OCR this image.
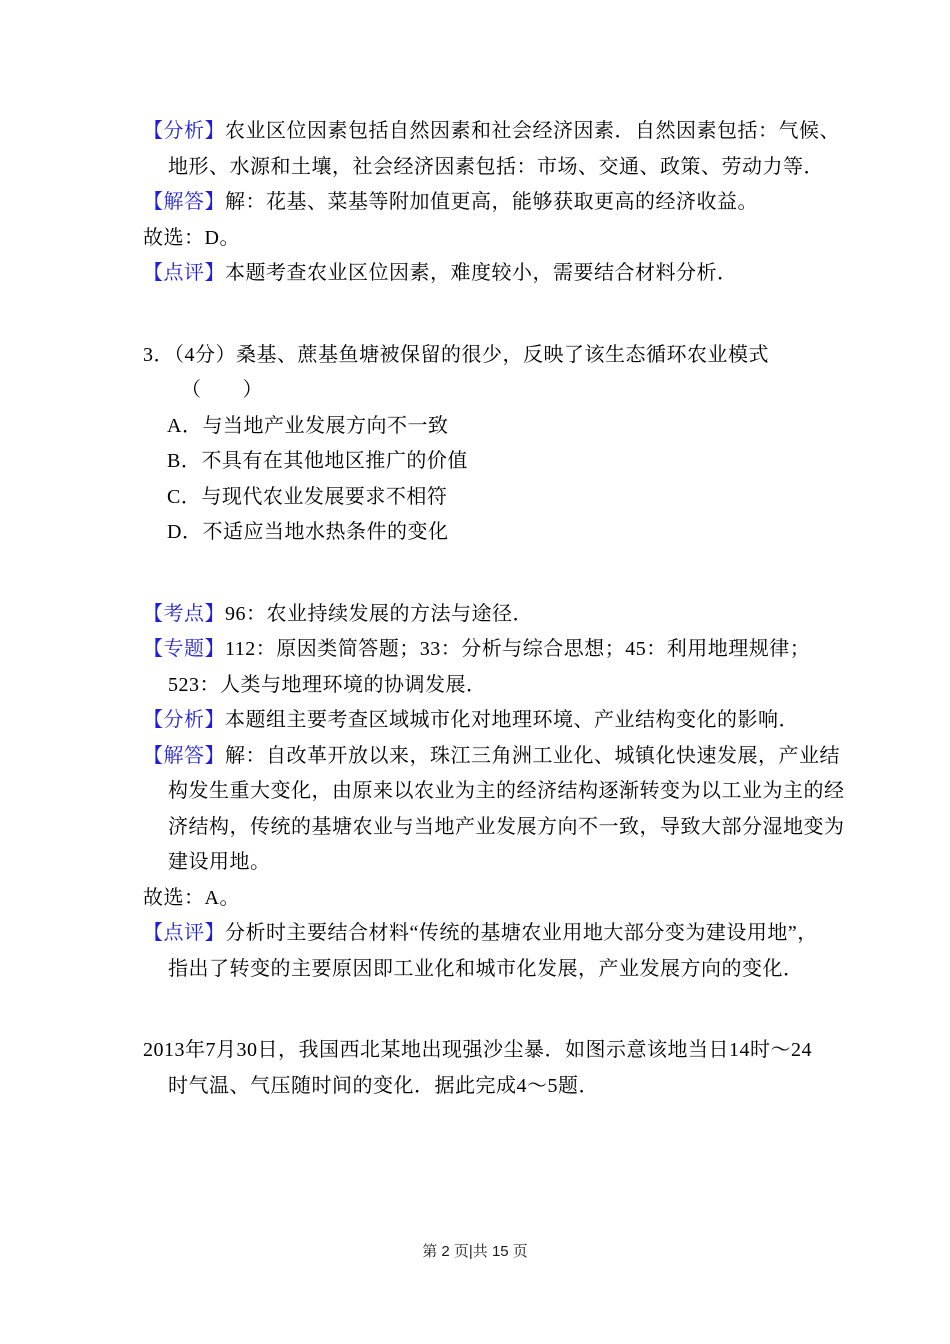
【分析】农业区位因素包括自然因素和社会经济因素．自然因素包括：气候、
地形、水源和土壤，社会经济因素包括：市场、交通、政策、劳动力等．
【解答】解：花基、菜基等附加值更高，能够获取更高的经济收益。
故选：D。
【点评】本题考查农业区位因素，难度较小，需要结合材料分析．
3．（4分）桑基、蔗基鱼塘被保留的很少，反映了该生态循环农业模式
（　　）
A．与当地产业发展方向不一致
B．不具有在其他地区推广的价值
C．与现代农业发展要求不相符
D．不适应当地水热条件的变化
【考点】96：农业持续发展的方法与途径．
【专题】112：原因类简答题；33：分析与综合思想；45：利用地理规律；
523：人类与地理环境的协调发展．
【分析】本题组主要考查区域城市化对地理环境、产业结构变化的影响．
【解答】解：自改革开放以来，珠江三角洲工业化、城镇化快速发展，产业结
构发生重大变化，由原来以农业为主的经济结构逐渐转变为以工业为主的经
济结构，传统的基塘农业与当地产业发展方向不一致，导致大部分湿地变为
建设用地。
故选：A。
【点评】分析时主要结合材料“传统的基塘农业用地大部分变为建设用地”，
指出了转变的主要原因即工业化和城市化发展，产业发展方向的变化．
2013年7月30日，我国西北某地出现强沙尘暴．如图示意该地当日14时～24
时气温、气压随时间的变化．据此完成4～5题．
第 2 页|共 15 页
